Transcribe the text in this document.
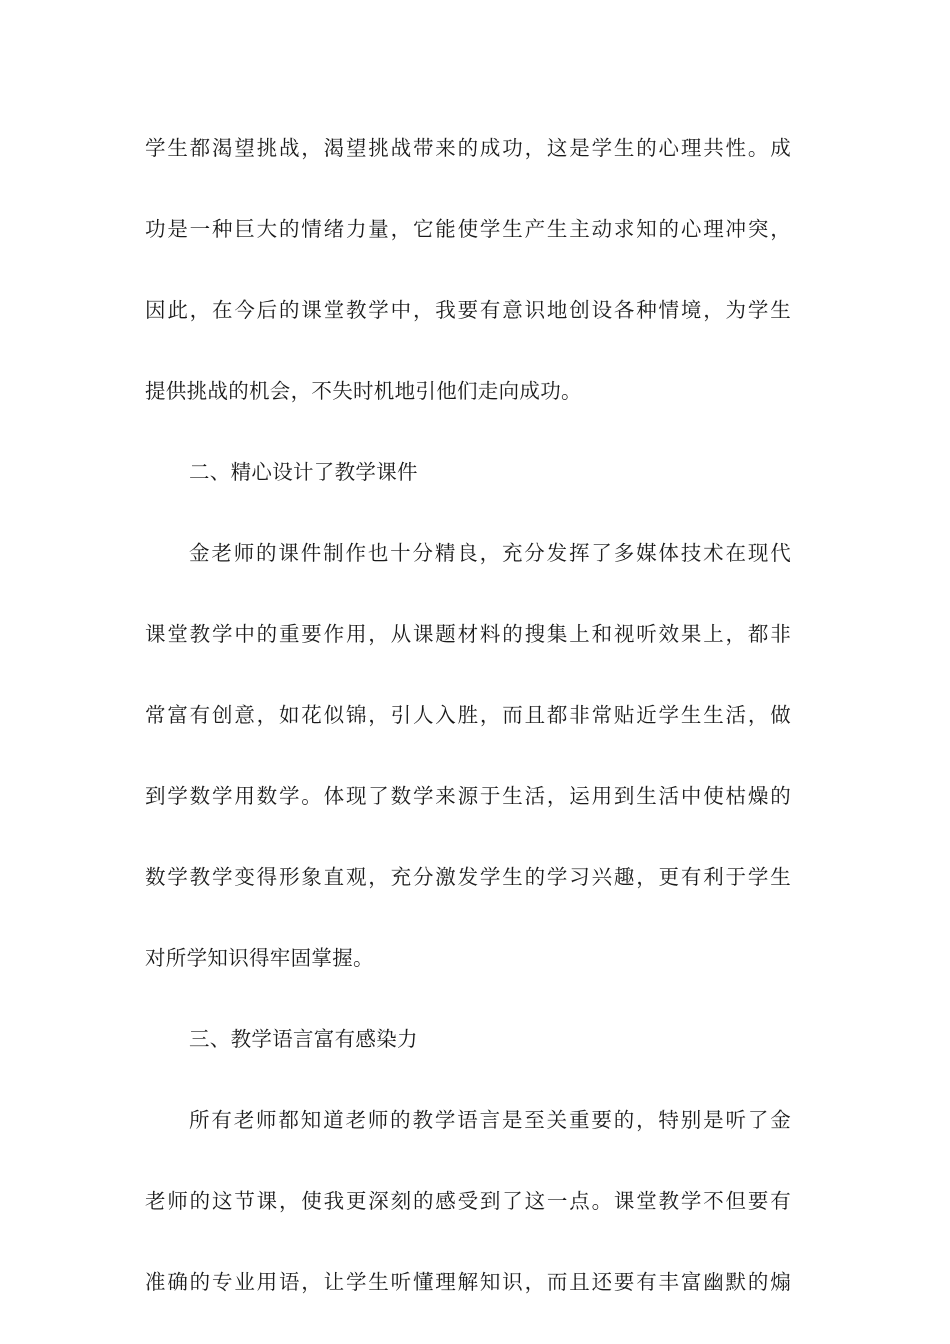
学生都渴望挑战，渴望挑战带来的成功，这是学生的心理共性。成
功是一种巨大的情绪力量，它能使学生产生主动求知的心理冲突，
因此，在今后的课堂教学中，我要有意识地创设各种情境，为学生
提供挑战的机会，不失时机地引他们走向成功。
二、精心设计了教学课件
金老师的课件制作也十分精良，充分发挥了多媒体技术在现代
课堂教学中的重要作用，从课题材料的搜集上和视听效果上，都非
常富有创意，如花似锦，引人入胜，而且都非常贴近学生生活，做
到学数学用数学。体现了数学来源于生活，运用到生活中使枯燥的
数学教学变得形象直观，充分激发学生的学习兴趣，更有利于学生
对所学知识得牢固掌握。
三、教学语言富有感染力
所有老师都知道老师的教学语言是至关重要的，特别是听了金
老师的这节课，使我更深刻的感受到了这一点。课堂教学不但要有
准确的专业用语，让学生听懂理解知识，而且还要有丰富幽默的煽
